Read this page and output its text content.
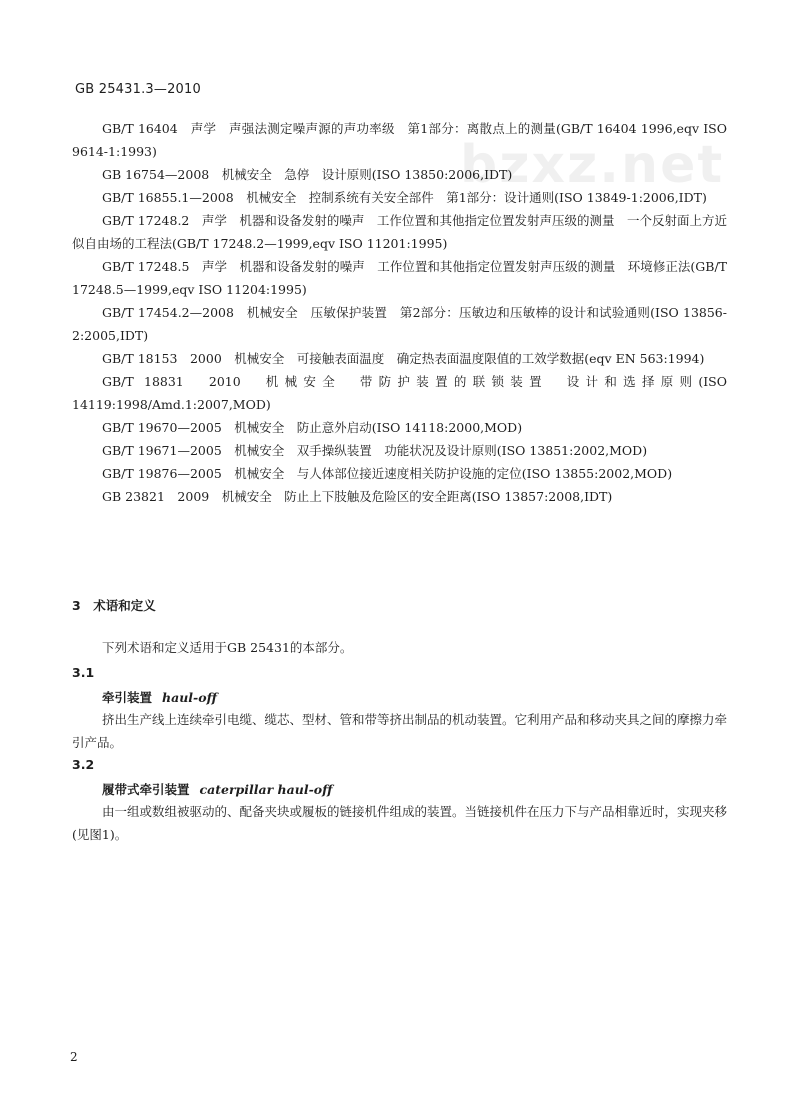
GB 25431.3—2010
bzxz.net

GB/T 16404　声学　声强法测定噪声源的声功率级　第1部分：离散点上的测量(GB/T 16404 1996,eqv ISO 9614-1:1993)

GB 16754—2008　机械安全　急停　设计原则(ISO 13850:2006,IDT)

GB/T 16855.1—2008　机械安全　控制系统有关安全部件　第1部分：设计通则(ISO 13849-1:2006,IDT)

GB/T 17248.2　声学　机器和设备发射的噪声　工作位置和其他指定位置发射声压级的测量　一个反射面上方近似自由场的工程法(GB/T 17248.2—1999,eqv ISO 11201:1995)

GB/T 17248.5　声学　机器和设备发射的噪声　工作位置和其他指定位置发射声压级的测量　环境修正法(GB/T 17248.5—1999,eqv ISO 11204:1995)

GB/T 17454.2—2008　机械安全　压敏保护装置　第2部分：压敏边和压敏棒的设计和试验通则(ISO 13856-2:2005,IDT)

GB/T 18153　2000　机械安全　可接触表面温度　确定热表面温度限值的工效学数据(eqv EN 563:1994)

GB/T 18831　2010　机械安全　带防护装置的联锁装置　设计和选择原则(ISO 14119:1998/Amd.1:2007,MOD)

GB/T 19670—2005　机械安全　防止意外启动(ISO 14118:2000,MOD)

GB/T 19671—2005　机械安全　双手操纵装置　功能状况及设计原则(ISO 13851:2002,MOD)

GB/T 19876—2005　机械安全　与人体部位接近速度相关防护设施的定位(ISO 13855:2002,MOD)

GB 23821　2009　机械安全　防止上下肢触及危险区的安全距离(ISO 13857:2008,IDT)

3　术语和定义
下列术语和定义适用于GB 25431的本部分。
3.1
牵引装置 haul-off
挤出生产线上连续牵引电缆、缆芯、型材、管和带等挤出制品的机动装置。它利用产品和移动夹具之间的摩擦力牵引产品。
3.2
履带式牵引装置 caterpillar haul-off
由一组或数组被驱动的、配备夹块或履板的链接机件组成的装置。当链接机件在压力下与产品相靠近时，实现夹移(见图1)。
2
